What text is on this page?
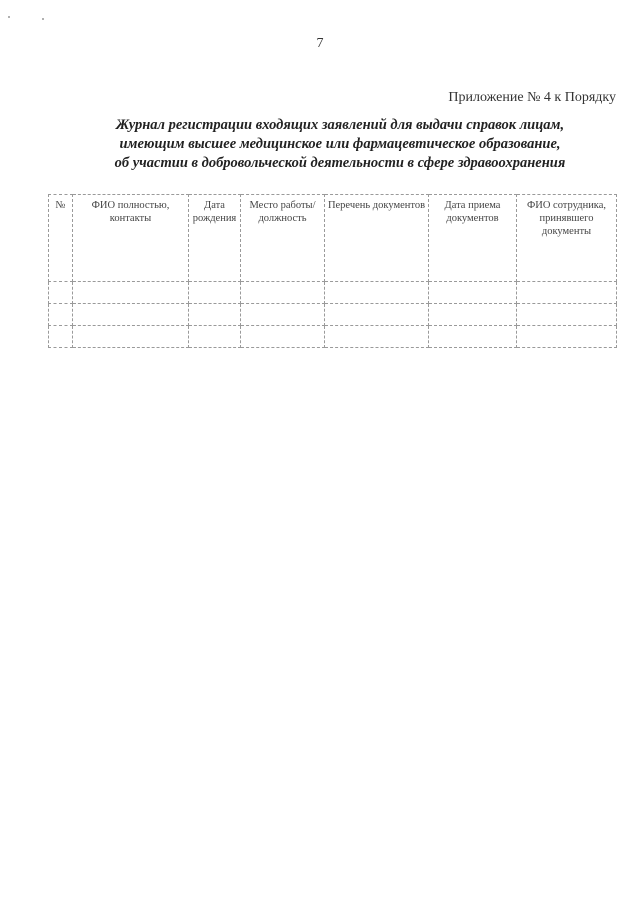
7
Приложение № 4 к Порядку
Журнал регистрации входящих заявлений для выдачи справок лицам,
имеющим высшее медицинское или фармацевтическое образование,
об участии в добровольческой деятельности в сфере здравоохранения
№	ФИО полностью, контакты	Дата рождения	Место работы/ должность	Перечень документов	Дата приема документов	ФИО сотрудника, принявшего документы
